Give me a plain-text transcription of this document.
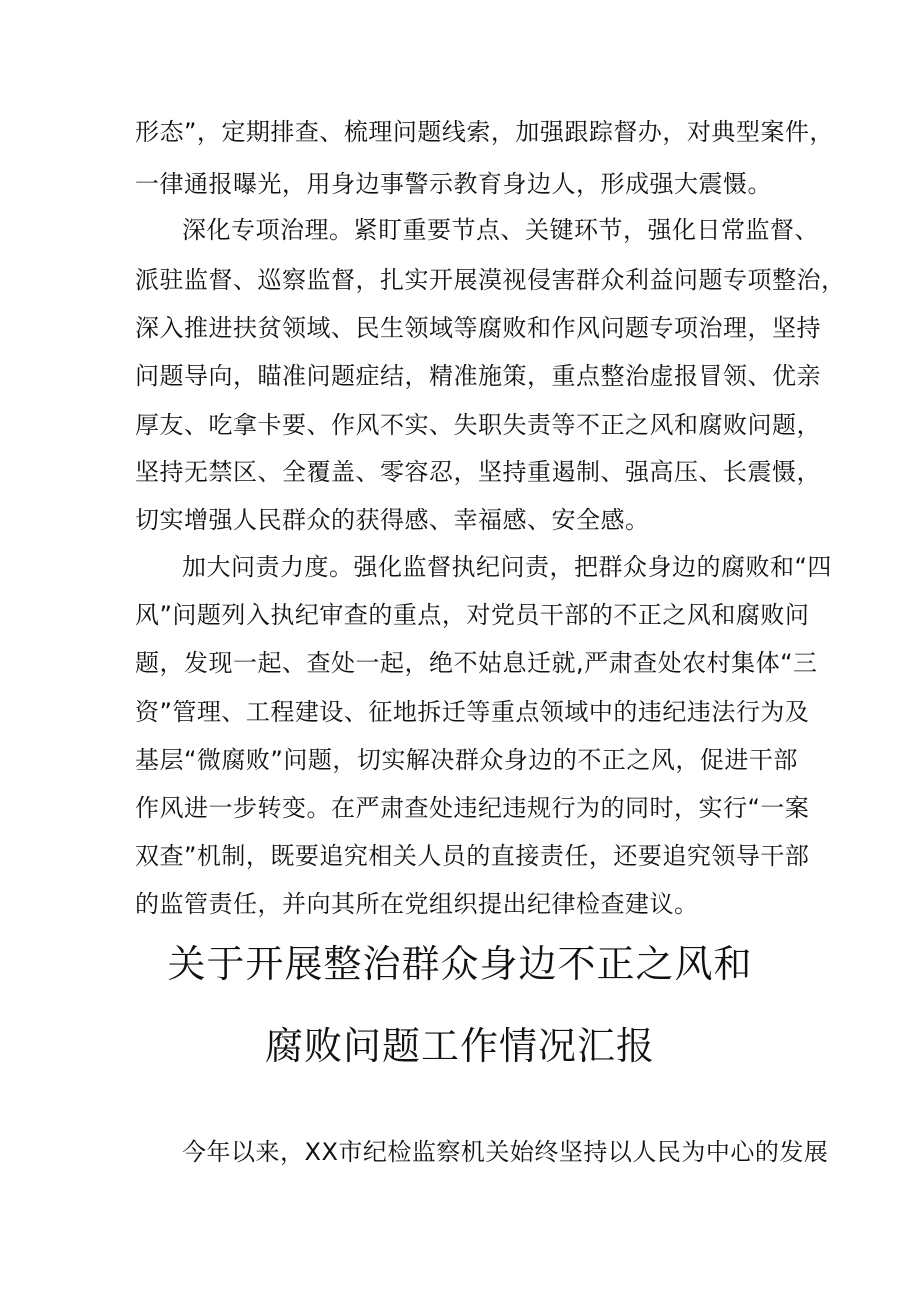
形态”，定期排查、梳理问题线索，加强跟踪督办，对典型案件，
一律通报曝光，用身边事警示教育身边人，形成强大震慑。
深化专项治理。紧盯重要节点、关键环节，强化日常监督、
派驻监督、巡察监督，扎实开展漠视侵害群众利益问题专项整治，
深入推进扶贫领域、民生领域等腐败和作风问题专项治理，坚持
问题导向，瞄准问题症结，精准施策，重点整治虚报冒领、优亲
厚友、吃拿卡要、作风不实、失职失责等不正之风和腐败问题，
坚持无禁区、全覆盖、零容忍，坚持重遏制、强高压、长震慑，
切实增强人民群众的获得感、幸福感、安全感。
加大问责力度。强化监督执纪问责，把群众身边的腐败和“四
风”问题列入执纪审查的重点，对党员干部的不正之风和腐败问
题，发现一起、查处一起，绝不姑息迁就,严肃查处农村集体“三
资”管理、工程建设、征地拆迁等重点领域中的违纪违法行为及
基层“微腐败”问题，切实解决群众身边的不正之风，促进干部
作风进一步转变。在严肃查处违纪违规行为的同时，实行“一案
双查”机制，既要追究相关人员的直接责任，还要追究领导干部
的监管责任，并向其所在党组织提出纪律检查建议。
关于开展整治群众身边不正之风和
腐败问题工作情况汇报
今年以来，XX市纪检监察机关始终坚持以人民为中心的发展
